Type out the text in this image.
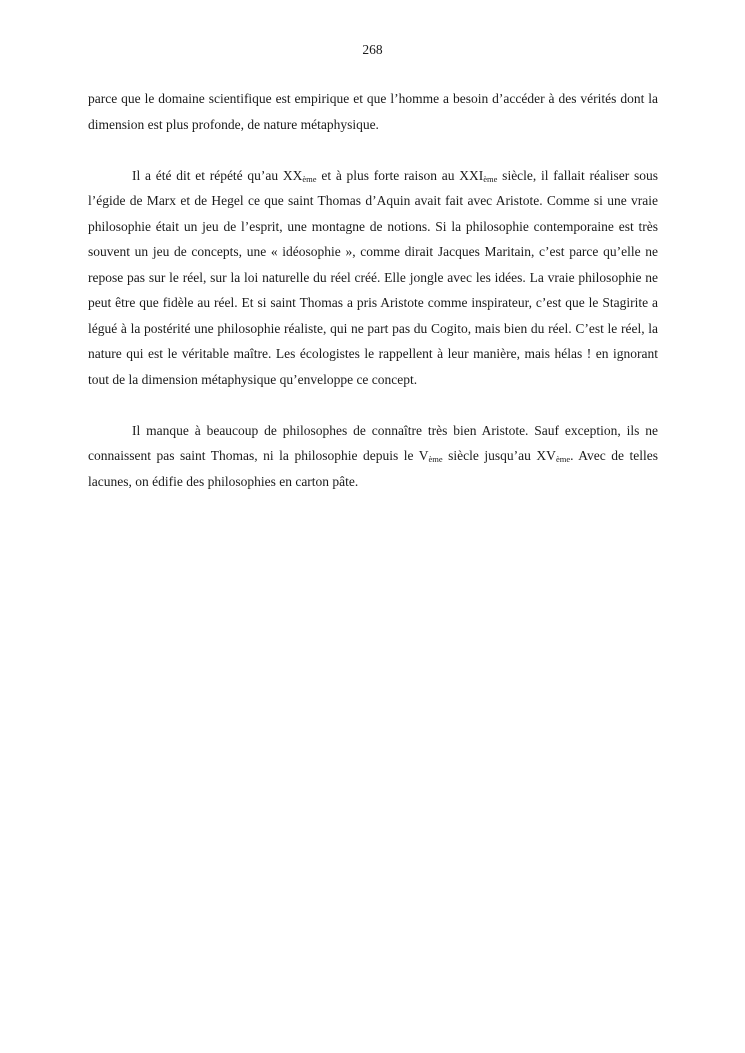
268

parce que le domaine scientifique est empirique et que l’homme a besoin d’accéder à des vérités dont la dimension est plus profonde, de nature métaphysique.

Il a été dit et répété qu’au $XX_{ème}$ et à plus forte raison au $XXI_{ème}$ siècle, il fallait réaliser sous l’égide de Marx et de Hegel ce que saint Thomas d’Aquin avait fait avec Aristote. Comme si une vraie philosophie était un jeu de l’esprit, une montagne de notions. Si la philosophie contemporaine est très souvent un jeu de concepts, une « idéosophie », comme dirait Jacques Maritain, c’est parce qu’elle ne repose pas sur le réel, sur la loi naturelle du réel créé. Elle jongle avec les idées. La vraie philosophie ne peut être que fidèle au réel. Et si saint Thomas a pris Aristote comme inspirateur, c’est que le Stagirite a légué à la postérité une philosophie réaliste, qui ne part pas du Cogito, mais bien du réel. C’est le réel, la nature qui est le véritable maître. Les écologistes le rappellent à leur manière, mais hélas ! en ignorant tout de la dimension métaphysique qu’enveloppe ce concept.

Il manque à beaucoup de philosophes de connaître très bien Aristote. Sauf exception, ils ne connaissent pas saint Thomas, ni la philosophie depuis le $V_{ème}$ siècle jusqu’au $XV_{ème}$. Avec de telles lacunes, on édifie des philosophies en carton pâte.
